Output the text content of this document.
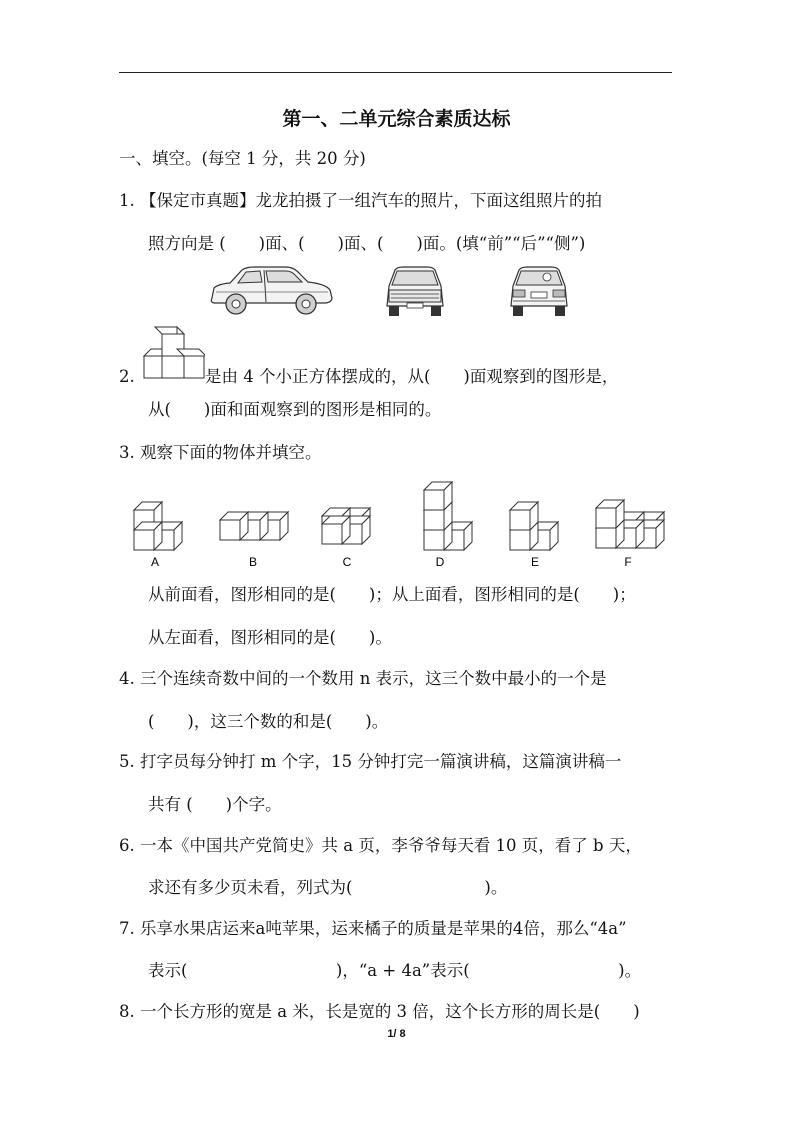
第一、二单元综合素质达标
一、填空。(每空 1 分，共 20 分)
1. 【保定市真题】龙龙拍摄了一组汽车的照片，下面这组照片的拍
照方向是 (　　)面、(　　)面、(　　)面。(填“前”“后”“侧”)
2.	是由 4 个小正方体摆成的，从(　　)面观察到的图形是，
从(　　)面和面观察到的图形是相同的。
3. 观察下面的物体并填空。
A	B	C	D	E	F
从前面看，图形相同的是(　　)；从上面看，图形相同的是(　　)；
从左面看，图形相同的是(　　)。
4. 三个连续奇数中间的一个数用 n 表示，这三个数中最小的一个是
(　　)，这三个数的和是(　　)。
5. 打字员每分钟打 m 个字，15 分钟打完一篇演讲稿，这篇演讲稿一
共有 (　　)个字。
6. 一本《中国共产党简史》共 a 页，李爷爷每天看 10 页，看了 b 天，
求还有多少页未看，列式为(　　　　　　　　)。
7. 乐享水果店运来a吨苹果，运来橘子的质量是苹果的4倍，那么“4a”
表示(　　　　　　　　　)，“a + 4a”表示(　　　　　　　　　)。
8. 一个长方形的宽是 a 米，长是宽的 3 倍，这个长方形的周长是(　　)
1/ 8
